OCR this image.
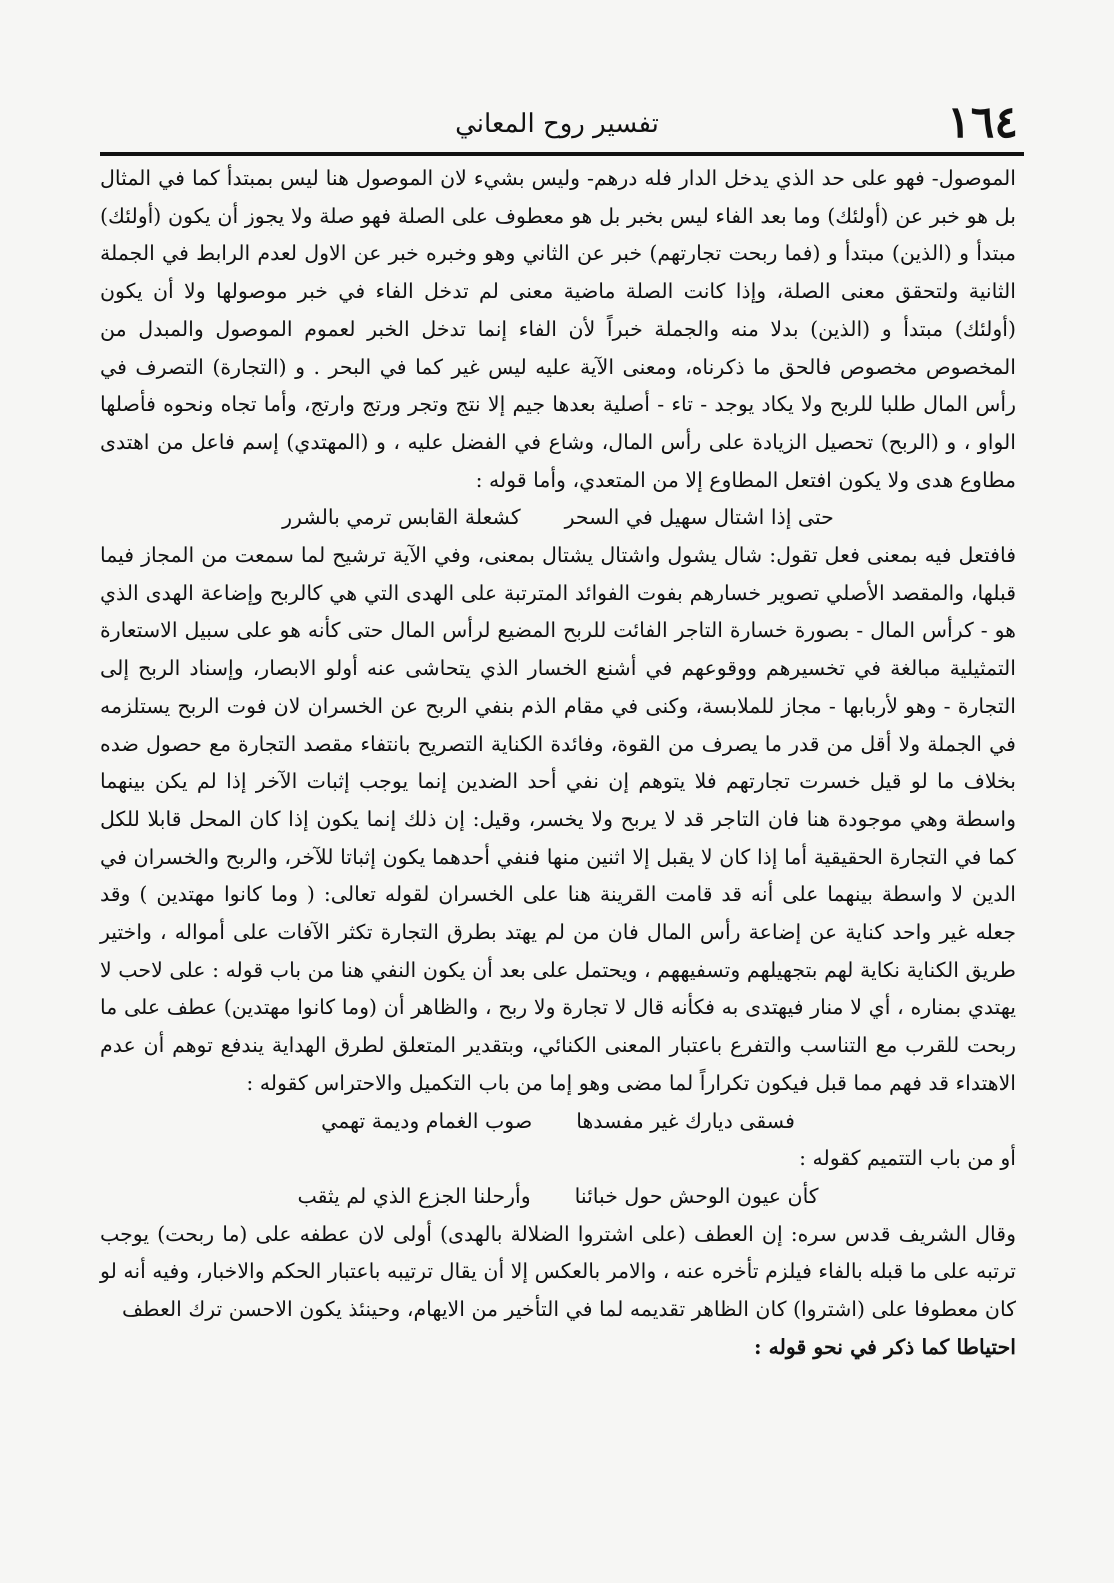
١٦٤
تفسير روح المعاني

الموصول- فهو على حد الذي يدخل الدار فله درهم- وليس بشيء لان الموصول هنا ليس بمبتدأ كما في المثال بل هو خبر عن (أولئك) وما بعد الفاء ليس بخبر بل هو معطوف على الصلة فهو صلة ولا يجوز أن يكون (أولئك) مبتدأ و (الذين) مبتدأ و (فما ربحت تجارتهم) خبر عن الثاني وهو وخبره خبر عن الاول لعدم الرابط في الجملة الثانية ولتحقق معنى الصلة، وإذا كانت الصلة ماضية معنى لم تدخل الفاء في خبر موصولها ولا أن يكون (أولئك) مبتدأ و (الذين) بدلا منه والجملة خبراً لأن الفاء إنما تدخل الخبر لعموم الموصول والمبدل من المخصوص مخصوص فالحق ما ذكرناه، ومعنى الآية عليه ليس غير كما في البحر . و (التجارة) التصرف في رأس المال طلبا للربح ولا يكاد يوجد - تاء - أصلية بعدها جيم إلا نتج وتجر ورتج وارتج، وأما تجاه ونحوه فأصلها الواو ، و (الربح) تحصيل الزيادة على رأس المال، وشاع في الفضل عليه ، و (المهتدي) إسم فاعل من اهتدى مطاوع هدى ولا يكون افتعل المطاوع إلا من المتعدي، وأما قوله :

حتى إذا اشتال سهيل في السحر
كشعلة القابس ترمي بالشرر

فافتعل فيه بمعنى فعل تقول: شال يشول واشتال يشتال بمعنى، وفي الآية ترشيح لما سمعت من المجاز فيما قبلها، والمقصد الأصلي تصوير خسارهم بفوت الفوائد المترتبة على الهدى التي هي كالربح وإضاعة الهدى الذي هو - كرأس المال - بصورة خسارة التاجر الفائت للربح المضيع لرأس المال حتى كأنه هو على سبيل الاستعارة التمثيلية مبالغة في تخسيرهم ووقوعهم في أشنع الخسار الذي يتحاشى عنه أولو الابصار، وإسناد الربح إلى التجارة - وهو لأربابها - مجاز للملابسة، وكنى في مقام الذم بنفي الربح عن الخسران لان فوت الربح يستلزمه في الجملة ولا أقل من قدر ما يصرف من القوة، وفائدة الكناية التصريح بانتفاء مقصد التجارة مع حصول ضده بخلاف ما لو قيل خسرت تجارتهم فلا يتوهم إن نفي أحد الضدين إنما يوجب إثبات الآخر إذا لم يكن بينهما واسطة وهي موجودة هنا فان التاجر قد لا يربح ولا يخسر، وقيل: إن ذلك إنما يكون إذا كان المحل قابلا للكل كما في التجارة الحقيقية أما إذا كان لا يقبل إلا اثنين منها فنفي أحدهما يكون إثباتا للآخر، والربح والخسران في الدين لا واسطة بينهما على أنه قد قامت القرينة هنا على الخسران لقوله تعالى: ( وما كانوا مهتدين ) وقد جعله غير واحد كناية عن إضاعة رأس المال فان من لم يهتد بطرق التجارة تكثر الآفات على أمواله ، واختير طريق الكناية نكاية لهم بتجهيلهم وتسفيههم ، ويحتمل على بعد أن يكون النفي هنا من باب قوله : على لاحب لا يهتدي بمناره ، أي لا منار فيهتدى به فكأنه قال لا تجارة ولا ربح ، والظاهر أن (وما كانوا مهتدين) عطف على ما ربحت للقرب مع التناسب والتفرع باعتبار المعنى الكنائي، وبتقدير المتعلق لطرق الهداية يندفع توهم أن عدم الاهتداء قد فهم مما قبل فيكون تكراراً لما مضى وهو إما من باب التكميل والاحتراس كقوله :

فسقى ديارك غير مفسدها
صوب الغمام وديمة تهمي

أو من باب التتميم كقوله :

كأن عيون الوحش حول خبائنا
وأرحلنا الجزع الذي لم يثقب

وقال الشريف قدس سره: إن العطف (على اشتروا الضلالة بالهدى) أولى لان عطفه على (ما ربحت) يوجب ترتبه على ما قبله بالفاء فيلزم تأخره عنه ، والامر بالعكس إلا أن يقال ترتيبه باعتبار الحكم والاخبار، وفيه أنه لو كان معطوفا على (اشتروا) كان الظاهر تقديمه لما في التأخير من الايهام، وحينئذ يكون الاحسن ترك العطف

احتياطا كما ذكر في نحو قوله :
